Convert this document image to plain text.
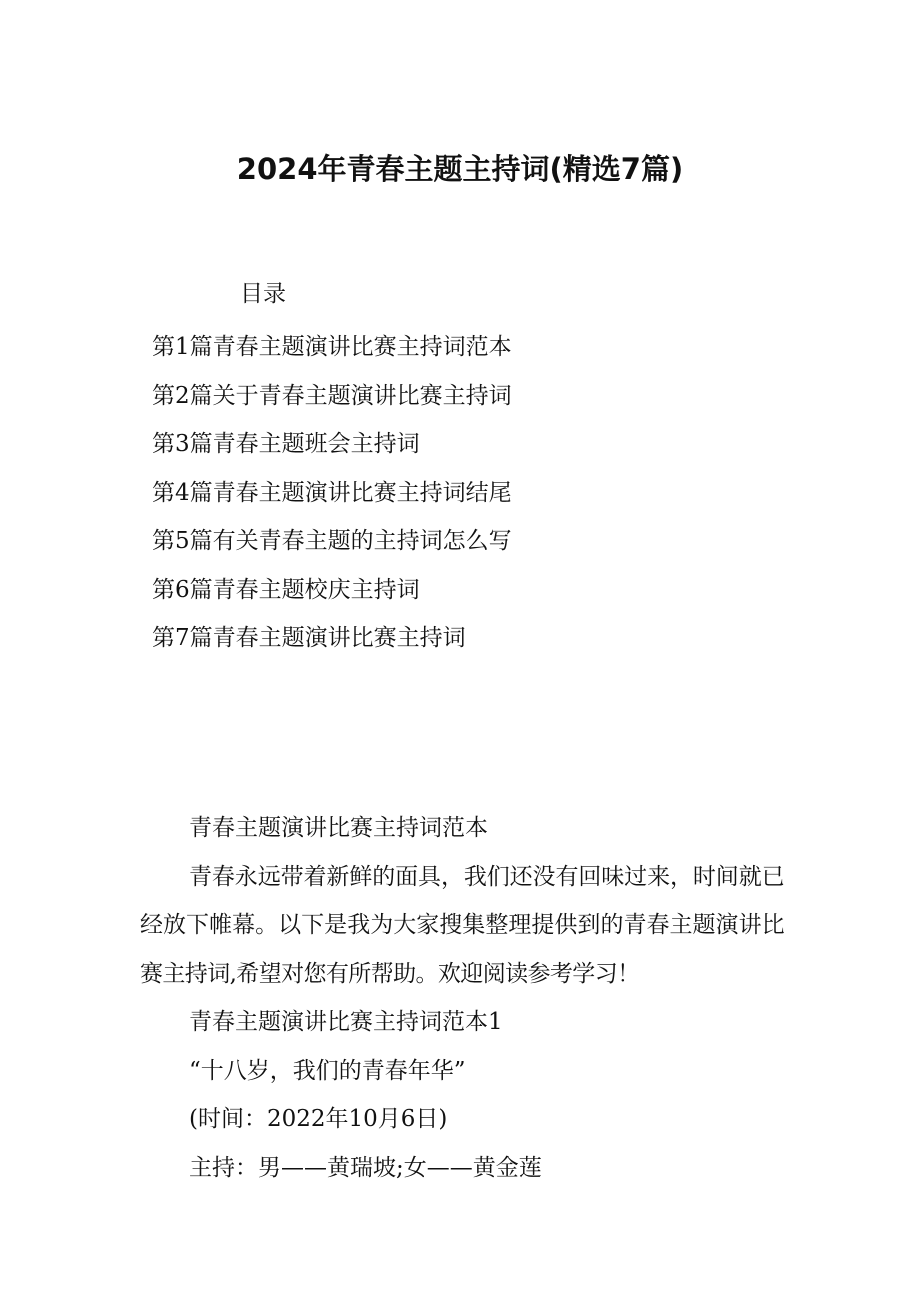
2024年青春主题主持词(精选7篇)
目录
第1篇青春主题演讲比赛主持词范本
第2篇关于青春主题演讲比赛主持词
第3篇青春主题班会主持词
第4篇青春主题演讲比赛主持词结尾
第5篇有关青春主题的主持词怎么写
第6篇青春主题校庆主持词
第7篇青春主题演讲比赛主持词

青春主题演讲比赛主持词范本

青春永远带着新鲜的面具，我们还没有回味过来，时间就已经放下帷幕。以下是我为大家搜集整理提供到的青春主题演讲比赛主持词,希望对您有所帮助。欢迎阅读参考学习！

青春主题演讲比赛主持词范本1

“十八岁，我们的青春年华”

(时间：2022年10月6日)

主持：男——黄瑞坡;女——黄金莲
